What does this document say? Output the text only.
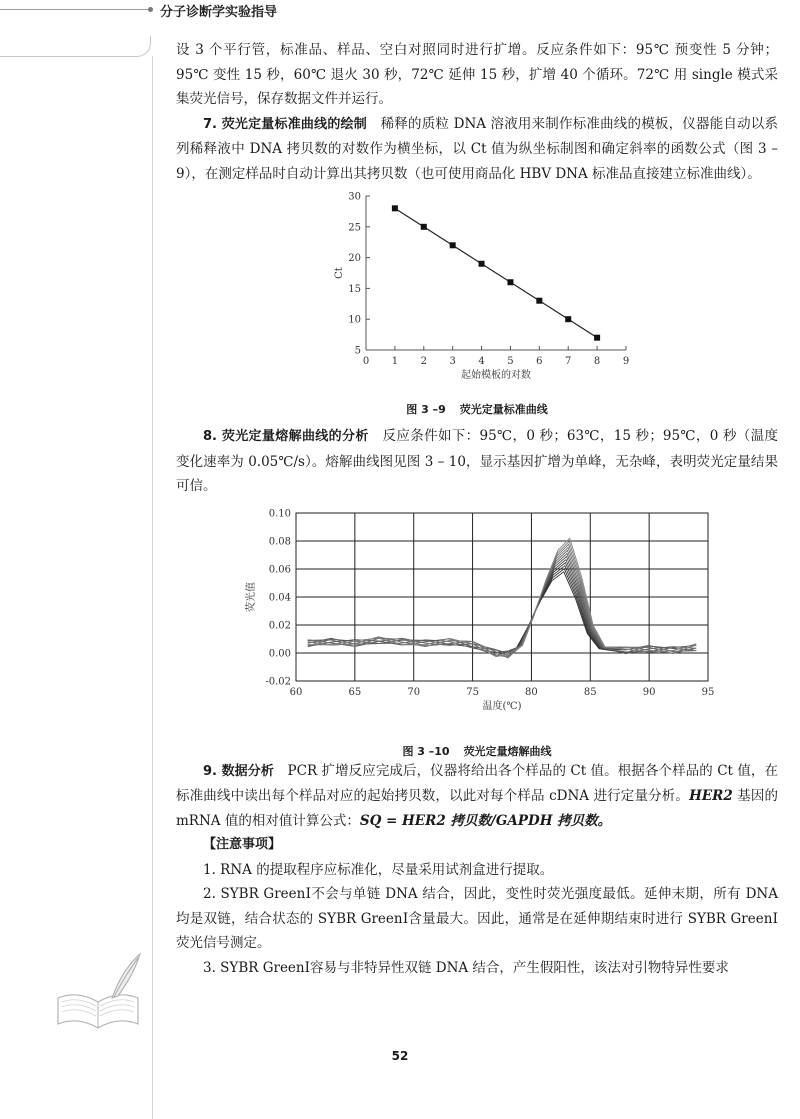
分子诊断学实验指导

设 3 个平行管，标准品、样品、空白对照同时进行扩增。反应条件如下：95℃ 预变性 5 分钟；95℃ 变性 15 秒，60℃ 退火 30 秒，72℃ 延伸 15 秒，扩增 40 个循环。72℃ 用 single 模式采集荧光信号，保存数据文件并运行。

7. 荧光定量标准曲线的绘制　稀释的质粒 DNA 溶液用来制作标准曲线的模板，仪器能自动以系列稀释液中 DNA 拷贝数的对数作为横坐标，以 Ct 值为纵坐标制图和确定斜率的函数公式（图 3 –9），在测定样品时自动计算出其拷贝数（也可使用商品化 HBV DNA 标准品直接建立标准曲线）。

0 1 2 3 4 5 6 7 8 9
5
10
15
20
25
30
起始模板的对数
Ct
图 3 –9 荧光定量标准曲线

8. 荧光定量熔解曲线的分析　反应条件如下：95℃，0 秒；63℃，15 秒；95℃，0 秒（温度变化速率为 0.05℃/s）。熔解曲线图见图 3 – 10，显示基因扩增为单峰，无杂峰，表明荧光定量结果可信。

60	65	70	75	80	85	90	95
-0.02
0.00
0.02
0.04
0.06
0.08
0.10
温度(℃)
荧光值
图 3 –10 荧光定量熔解曲线

9. 数据分析　PCR 扩增反应完成后，仪器将给出各个样品的 Ct 值。根据各个样品的 Ct 值，在标准曲线中读出每个样品对应的起始拷贝数，以此对每个样品 cDNA 进行定量分析。HER2 基因的 mRNA 值的相对值计算公式：SQ = HER2 拷贝数/GAPDH 拷贝数。

【注意事项】

1. RNA 的提取程序应标准化，尽量采用试剂盒进行提取。

2. SYBR GreenⅠ不会与单链 DNA 结合，因此，变性时荧光强度最低。延伸末期，所有 DNA 均是双链，结合状态的 SYBR GreenⅠ含量最大。因此，通常是在延伸期结束时进行 SYBR GreenⅠ荧光信号测定。

3. SYBR GreenⅠ容易与非特异性双链 DNA 结合，产生假阳性，该法对引物特异性要求

52
